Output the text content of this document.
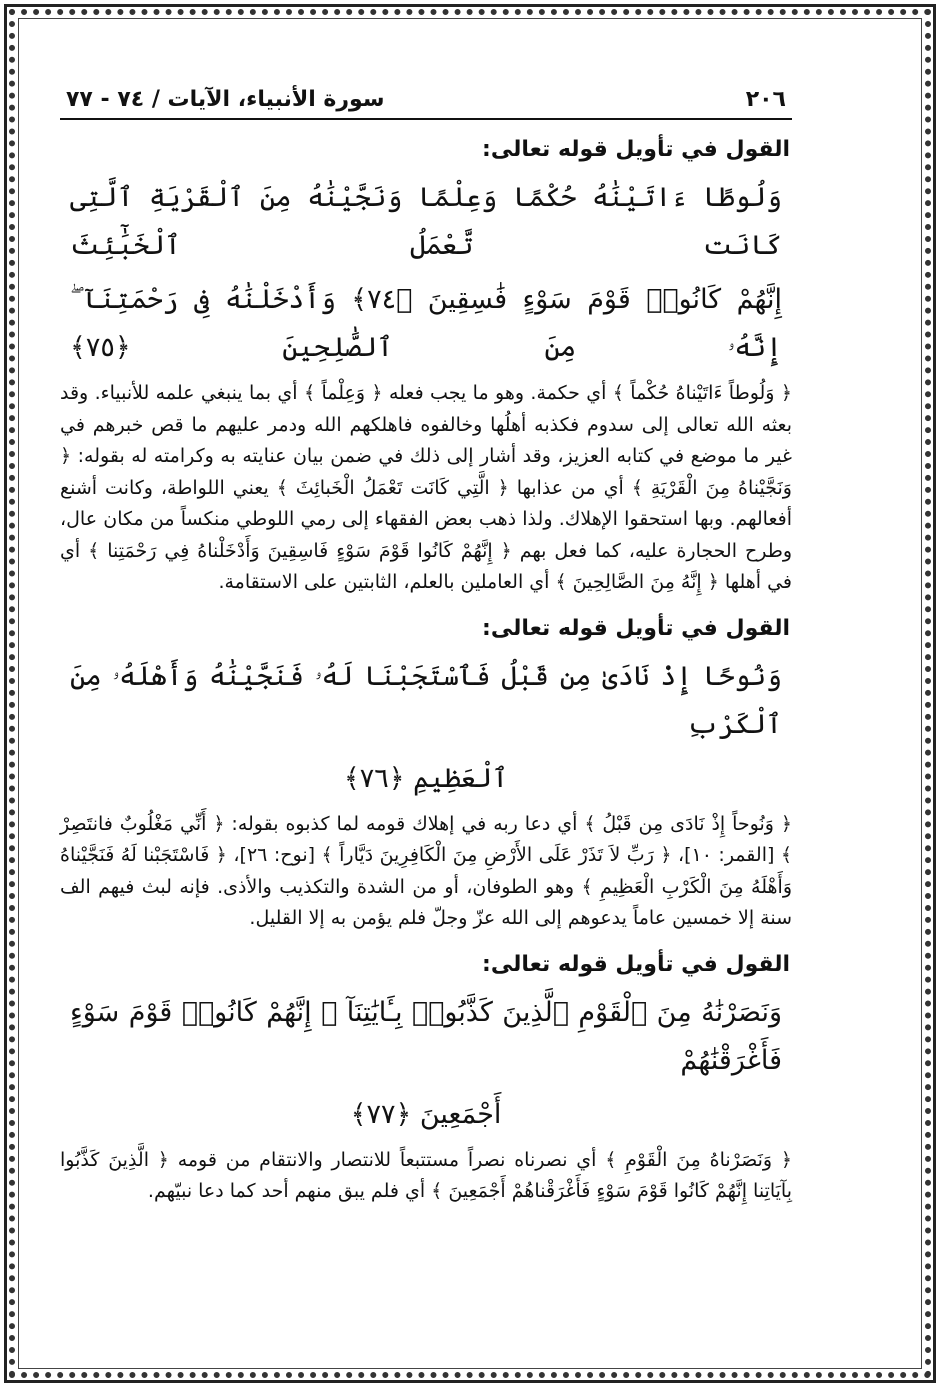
٢٠٦
سورة الأنبياء، الآيات / ٧٤ - ٧٧
القول في تأويل قوله تعالى:
وَلُوطًا ءَاتَيْنَٰهُ حُكْمًا وَعِلْمًا وَنَجَّيْنَٰهُ مِنَ ٱلْقَرْيَةِ ٱلَّتِى كَانَت تَّعْمَلُ ٱلْخَبَٰٓئِثَ
إِنَّهُمْ كَانُوا۟ قَوْمَ سَوْءٍ فَٰسِقِينَ ﴿٧٤﴾ وَأَدْخَلْنَٰهُ فِى رَحْمَتِنَآ ۖ إِنَّهُۥ مِنَ ٱلصَّٰلِحِينَ ﴿٧٥﴾

﴿ وَلُوطاً ءَاتَيْناهُ حُكْماً ﴾ أي حكمة. وهو ما يجب فعله ﴿ وَعِلْماً ﴾ أي بما ينبغي علمه للأنبياء. وقد بعثه الله تعالى إلى سدوم فكذبه أهلُها وخالفوه فاهلكهم الله ودمر عليهم ما قص خبرهم في غير ما موضع في كتابه العزيز، وقد أشار إلى ذلك في ضمن بيان عنايته به وكرامته له بقوله: ﴿ وَنَجَّيْناهُ مِنَ الْقَرْيَةِ ﴾ أي من عذابها ﴿ الَّتِي كَانَت تَعْمَلُ الْخَبائِثَ ﴾ يعني اللواطة، وكانت أشنع أفعالهم. وبها استحقوا الإهلاك. ولذا ذهب بعض الفقهاء إلى رمي اللوطي منكساً من مكان عال، وطرح الحجارة عليه، كما فعل بهم ﴿ إِنَّهُمْ كَانُوا قَوْمَ سَوْءٍ فَاسِقِينَ وَأَدْخَلْناهُ فِي رَحْمَتِنا ﴾ أي في أهلها ﴿ إِنَّهُ مِنَ الصَّالِحِينَ ﴾ أي العاملين بالعلم، الثابتين على الاستقامة.

القول في تأويل قوله تعالى:
وَنُوحًا إِذْ نَادَىٰ مِن قَبْلُ فَٱسْتَجَبْنَا لَهُۥ فَنَجَّيْنَٰهُ وَأَهْلَهُۥ مِنَ ٱلْكَرْبِ
ٱلْعَظِيمِ ﴿٧٦﴾

﴿ وَنُوحاً إِذْ نَادَى مِن قَبْلُ ﴾ أي دعا ربه في إهلاك قومه لما كذبوه بقوله: ﴿ أَنِّي مَغْلُوبٌ فانتَصِرْ ﴾ [القمر: ١٠]، ﴿ رَبِّ لاَ تَذَرْ عَلَى الأَرْضِ مِنَ الْكَافِرِينَ دَيَّاراً ﴾ [نوح: ٢٦]، ﴿ فَاسْتَجَبْنا لَهُ فَنَجَّيْناهُ وَأَهْلَهُ مِنَ الْكَرْبِ الْعَظِيمِ ﴾ وهو الطوفان، أو من الشدة والتكذيب والأذى. فإنه لبث فيهم الف سنة إلا خمسين عاماً يدعوهم إلى الله عزّ وجلّ فلم يؤمن به إلا القليل.

القول في تأويل قوله تعالى:
وَنَصَرْنَٰهُ مِنَ ٱلْقَوْمِ ٱلَّذِينَ كَذَّبُوا۟ بِـَٔايَٰتِنَآ ۚ إِنَّهُمْ كَانُوا۟ قَوْمَ سَوْءٍ فَأَغْرَقْنَٰهُمْ
أَجْمَعِينَ ﴿٧٧﴾

﴿ وَنَصَرْناهُ مِنَ الْقَوْمِ ﴾ أي نصرناه نصراً مستتبعاً للانتصار والانتقام من قومه ﴿ الَّذِينَ كَذَّبُوا بِآيَاتِنا إِنَّهُمْ كَانُوا قَوْمَ سَوْءٍ فَأَغْرَقْناهُمْ أَجْمَعِينَ ﴾ أي فلم يبق منهم أحد كما دعا نبيّهم.
